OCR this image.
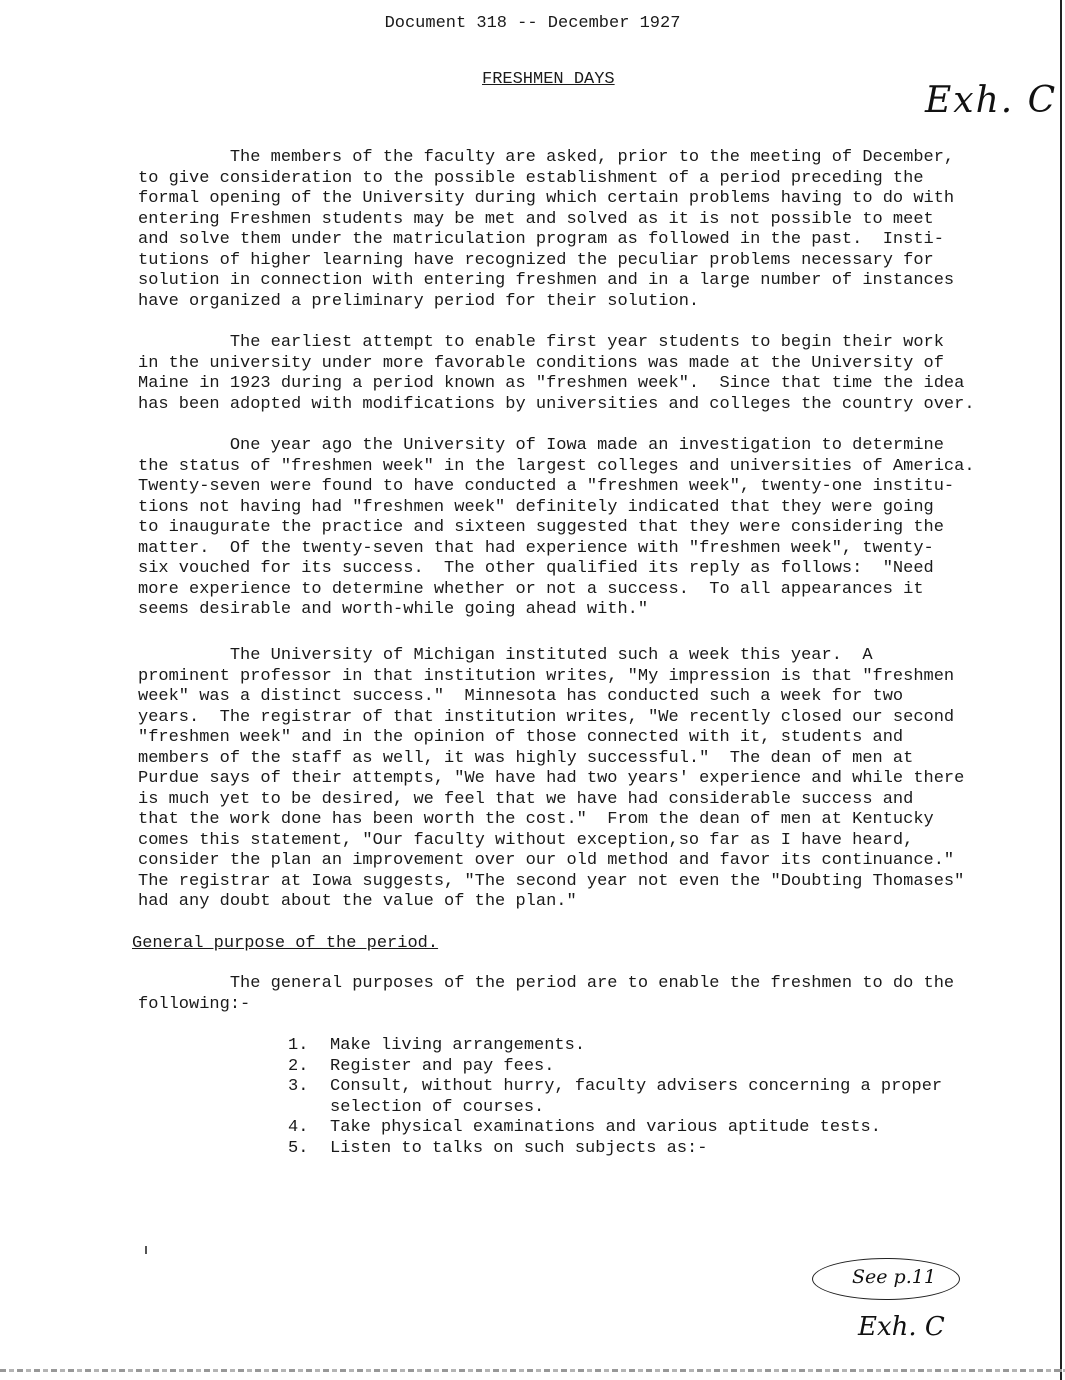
Document 318 -- December 1927
FRESHMEN DAYS
Exh. C
The members of the faculty are asked, prior to the meeting of December,
to give consideration to the possible establishment of a period preceding the
formal opening of the University during which certain problems having to do with
entering Freshmen students may be met and solved as it is not possible to meet
and solve them under the matriculation program as followed in the past.  Insti-
tutions of higher learning have recognized the peculiar problems necessary for
solution in connection with entering freshmen and in a large number of instances
have organized a preliminary period for their solution.
The earliest attempt to enable first year students to begin their work
in the university under more favorable conditions was made at the University of
Maine in 1923 during a period known as "freshmen week".  Since that time the idea
has been adopted with modifications by universities and colleges the country over.
One year ago the University of Iowa made an investigation to determine
the status of "freshmen week" in the largest colleges and universities of America.
Twenty-seven were found to have conducted a "freshmen week", twenty-one institu-
tions not having had "freshmen week" definitely indicated that they were going
to inaugurate the practice and sixteen suggested that they were considering the
matter.  Of the twenty-seven that had experience with "freshmen week", twenty-
six vouched for its success.  The other qualified its reply as follows:  "Need
more experience to determine whether or not a success.  To all appearances it
seems desirable and worth-while going ahead with."
The University of Michigan instituted such a week this year.  A
prominent professor in that institution writes, "My impression is that "freshmen
week" was a distinct success."  Minnesota has conducted such a week for two
years.  The registrar of that institution writes, "We recently closed our second
"freshmen week" and in the opinion of those connected with it, students and
members of the staff as well, it was highly successful."  The dean of men at
Purdue says of their attempts, "We have had two years' experience and while there
is much yet to be desired, we feel that we have had considerable success and
that the work done has been worth the cost."  From the dean of men at Kentucky
comes this statement, "Our faculty without exception,so far as I have heard,
consider the plan an improvement over our old method and favor its continuance."
The registrar at Iowa suggests, "The second year not even the "Doubting Thomases"
had any doubt about the value of the plan."
The general purposes of the period are to enable the freshmen to do the
following:-
General purpose of the period.
1. Make living arrangements.
2. Register and pay fees.
3. Consult, without hurry, faculty advisers concerning a proper
selection of courses.
4. Take physical examinations and various aptitude tests.
5. Listen to talks on such subjects as:-
See p.11
Exh. C
